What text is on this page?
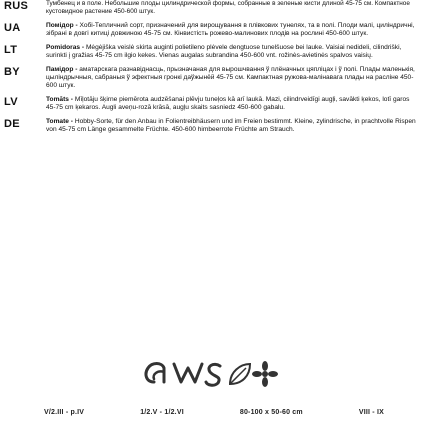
RUS	Тумбенец и в поле. Небольшие плоды цилиндрической формы, собранные в зеленые кисти длиной 45-75 см. Компактное кустовидное растение 450-600 штук.
UA	Помідор - Хобі-Тепличний сорт, призначений для вирощування в плівкових тунелях, та в полі. Плоди малі, циліндричні, зібрані в довгі китиці довжиною 45-75 см. Кінвистість рожево-малинових плодів на рослині 450-600 штук.
LT	Pomidoras - Mėgėjiška veislė skirta auginti polietileno plėvele dengtuose tunelšuose bei lauke. Vaisiai nedideli, cilindriški, surinkti į gražias 45-75 cm ilgio kekes. Vienas augalas subrandina 450-600 vnt. rožinės-avietinės spalvos vaisių.
BY	Памідор - аматарскага разнавіднасць, прызначаная для вырошчвання ў плёначных цяпліцах і ў полі. Плады маленькія, цыліндрычныя, сабраныя ў эфектныя гронкі даўжынёй 45-75 см. Кампактная ружова-малінавага плады на расліне 450-600 штук.
LV	Tomāts - Mīļotāju šķirne piemērota audzēšanai plēvju tuneļos kā arī laukā. Mazi, cilindrveidīgi augļi, savākti ķekos, lotī garos 45-75 cm ķekaros. Augli aveņu-rozā krāsā, augļu skaits sasniedz 450-600 gabalu.
DE	Tomate - Hobby-Sorte, für den Anbau in Folientreibhäusern und im Freien bestimmt. Kleine, zylindrische, in prachtvolle Rispen von 45-75 cm Länge gesammelte Früchte. 450-600 himbeerrote Früchte am Strauch.
V/2.III - p.IV	1/2.V - 1/2.VI	80-100 x 50-60 cm	VIII - IX
